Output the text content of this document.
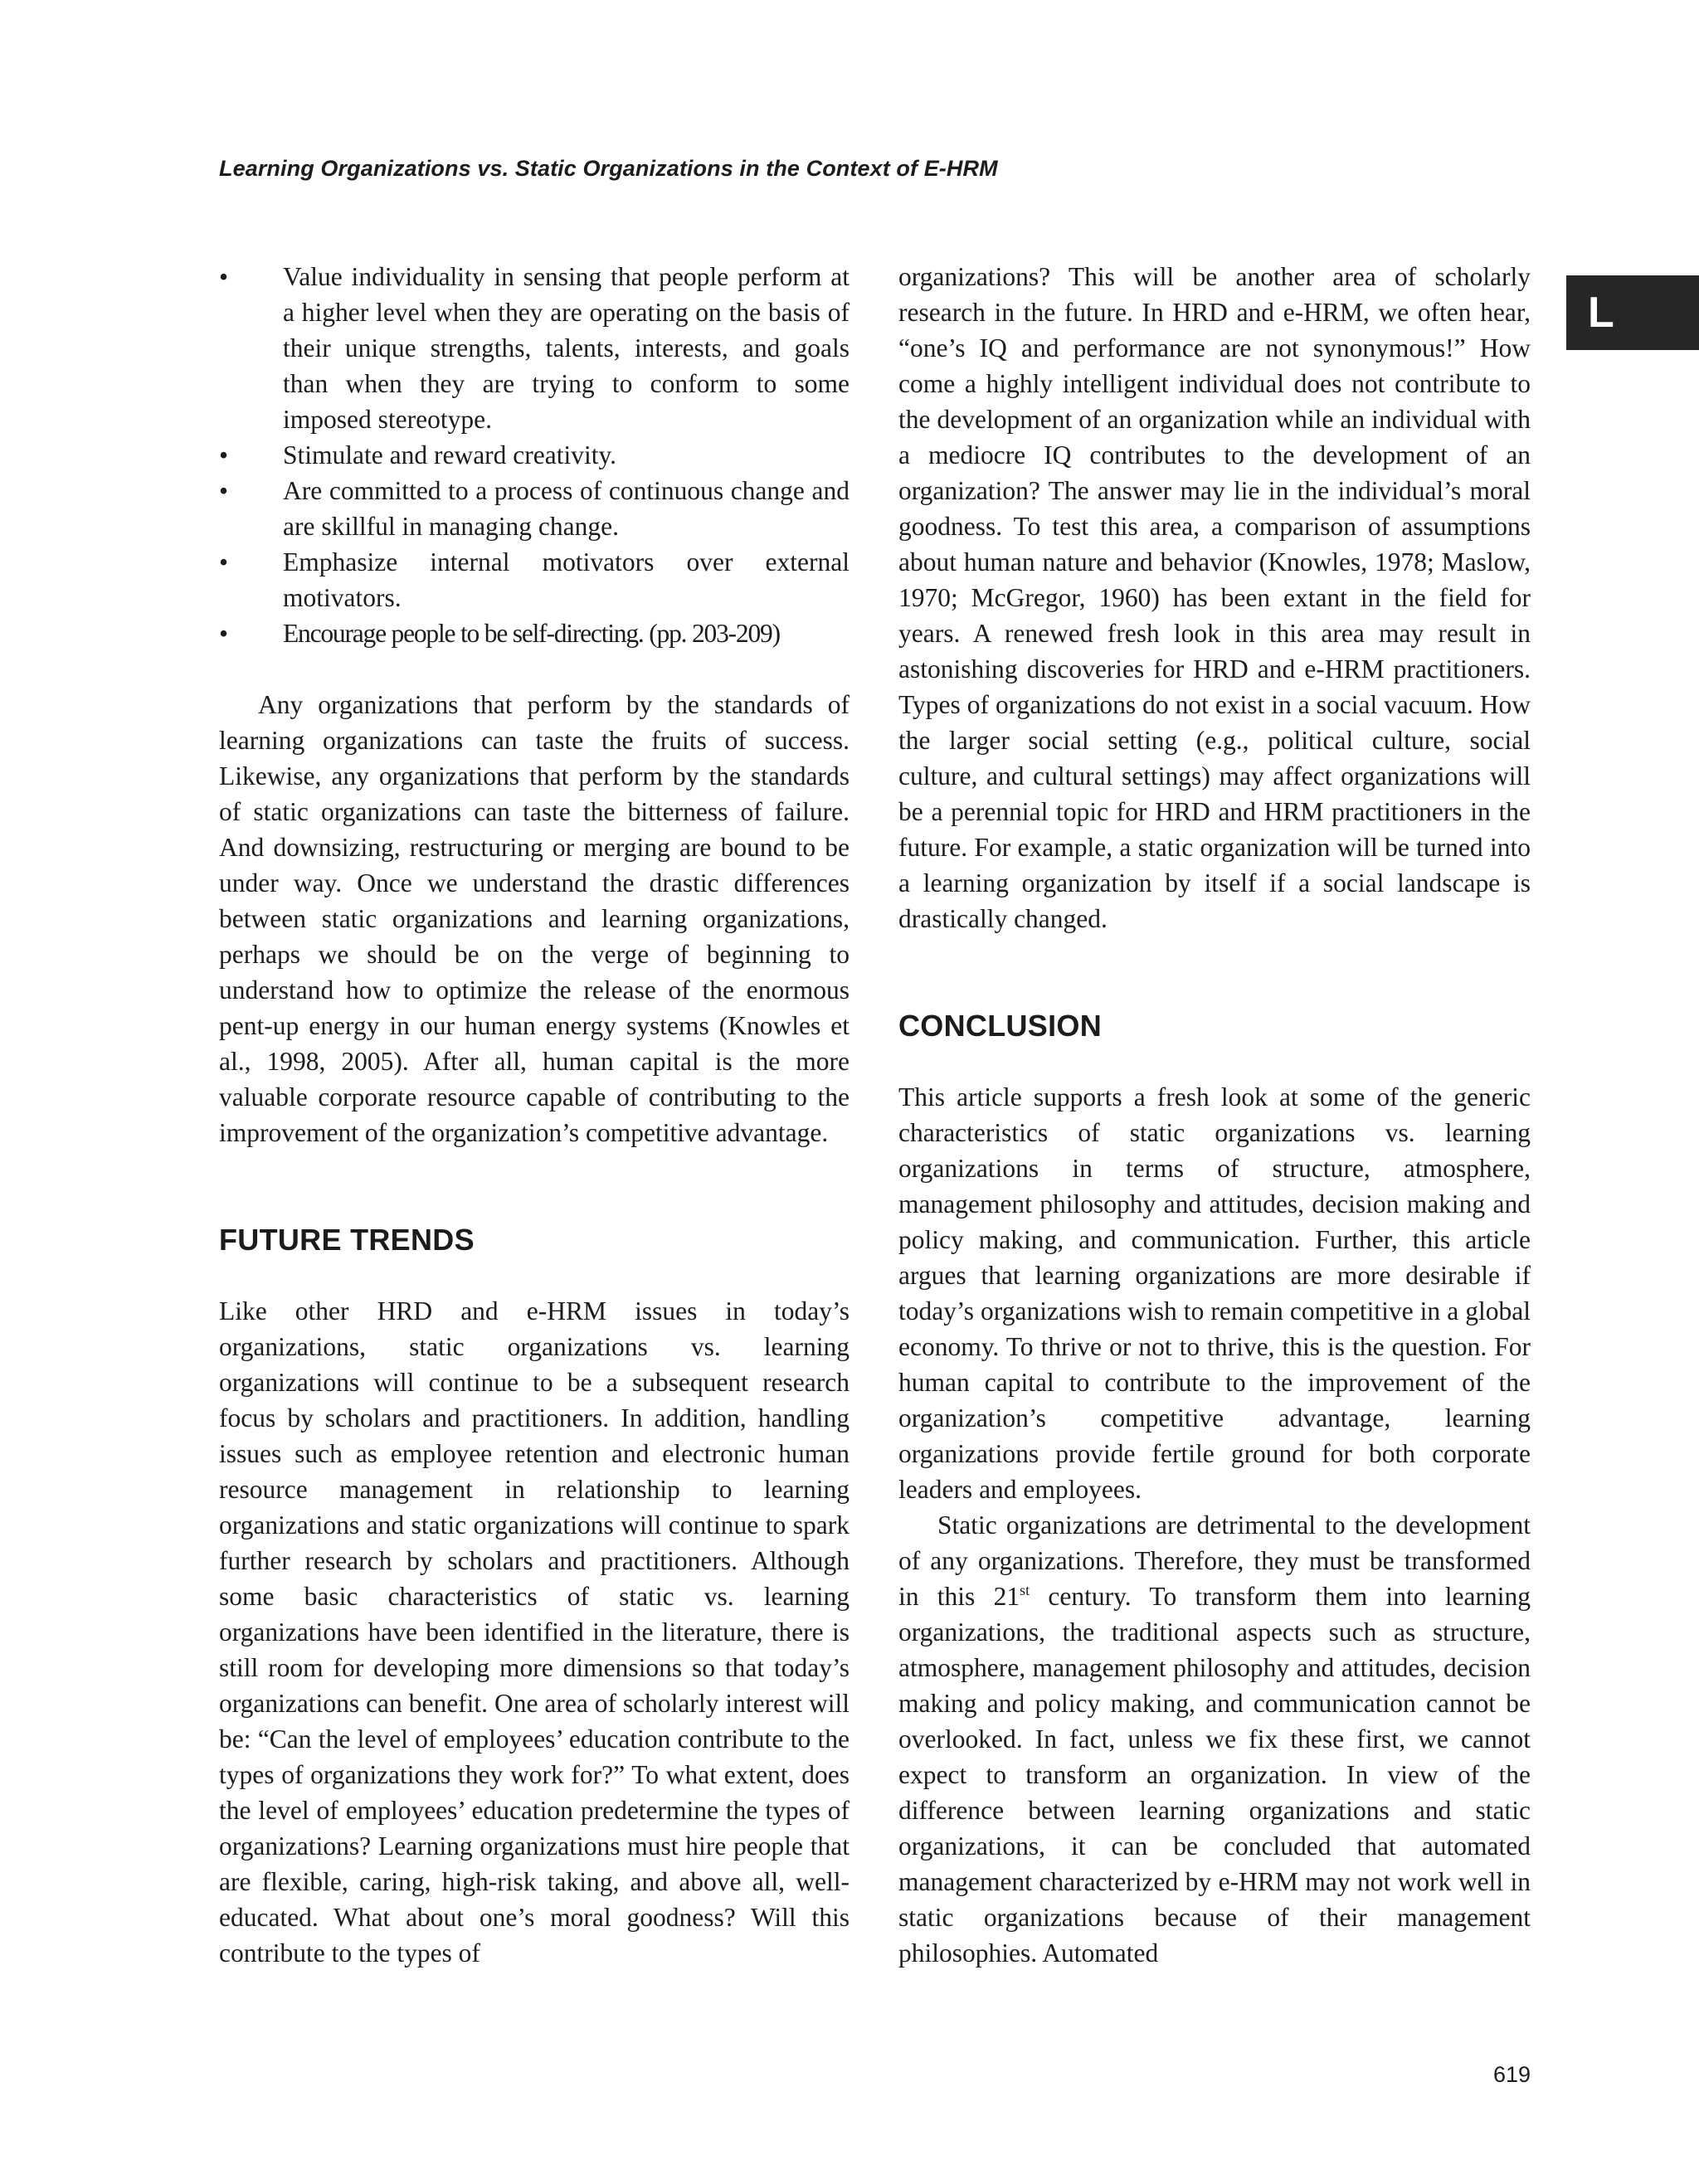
Learning Organizations vs. Static Organizations in the Context of E-HRM
L
• Value individuality in sensing that people perform at a higher level when they are operating on the basis of their unique strengths, talents, interests, and goals than when they are trying to conform to some imposed stereotype.
• Stimulate and reward creativity.
• Are committed to a process of continuous change and are skillful in managing change.
• Emphasize internal motivators over external motivators.
•	Encourage people to be self-directing. (pp. 203-209)

Any organizations that perform by the standards of learning organizations can taste the fruits of success. Likewise, any organizations that perform by the standards of static organizations can taste the bitterness of failure. And downsizing, restructuring or merging are bound to be under way. Once we understand the drastic differences between static organizations and learning organizations, perhaps we should be on the verge of beginning to understand how to optimize the release of the enormous pent-up energy in our human energy systems (Knowles et al., 1998, 2005). After all, human capital is the more valuable corporate resource capable of contributing to the improvement of the organization’s competitive advantage.

FUTURE TRENDS

Like other HRD and e-HRM issues in today’s organizations, static organizations vs. learning organizations will continue to be a subsequent research focus by scholars and practitioners. In addition, handling issues such as employee retention and electronic human resource management in relationship to learning organizations and static organizations will continue to spark further research by scholars and practitioners. Although some basic characteristics of static vs. learning organizations have been identified in the literature, there is still room for developing more dimensions so that today’s organizations can benefit. One area of scholarly interest will be: “Can the level of employees’ education contribute to the types of organizations they work for?” To what extent, does the level of employees’ education predetermine the types of organizations? Learning organizations must hire people that are flexible, caring, high-risk taking, and above all, well-educated. What about one’s moral goodness? Will this contribute to the types of

organizations? This will be another area of scholarly research in the future. In HRD and e-HRM, we often hear, “one’s IQ and performance are not synonymous!” How come a highly intelligent individual does not contribute to the development of an organization while an individual with a mediocre IQ contributes to the development of an organization? The answer may lie in the individual’s moral goodness. To test this area, a comparison of assumptions about human nature and behavior (Knowles, 1978; Maslow, 1970; McGregor, 1960) has been extant in the field for years. A renewed fresh look in this area may result in astonishing discoveries for HRD and e-HRM practitioners. Types of organizations do not exist in a social vacuum. How the larger social setting (e.g., political culture, social culture, and cultural settings) may affect organizations will be a perennial topic for HRD and HRM practitioners in the future. For example, a static organization will be turned into a learning organization by itself if a social landscape is drastically changed.

CONCLUSION

This article supports a fresh look at some of the generic characteristics of static organizations vs. learning organizations in terms of structure, atmosphere, management philosophy and attitudes, decision making and policy making, and communication. Further, this article argues that learning organizations are more desirable if today’s organizations wish to remain competitive in a global economy. To thrive or not to thrive, this is the question. For human capital to contribute to the improvement of the organization’s competitive advantage, learning organizations provide fertile ground for both corporate leaders and employees.

Static organizations are detrimental to the development of any organizations. Therefore, they must be transformed in this 21st century. To transform them into learning organizations, the traditional aspects such as structure, atmosphere, management philosophy and attitudes, decision making and policy making, and communication cannot be overlooked. In fact, unless we fix these first, we cannot expect to transform an organization. In view of the difference between learning organizations and static organizations, it can be concluded that automated management characterized by e-HRM may not work well in static organizations because of their management philosophies. Automated

619
